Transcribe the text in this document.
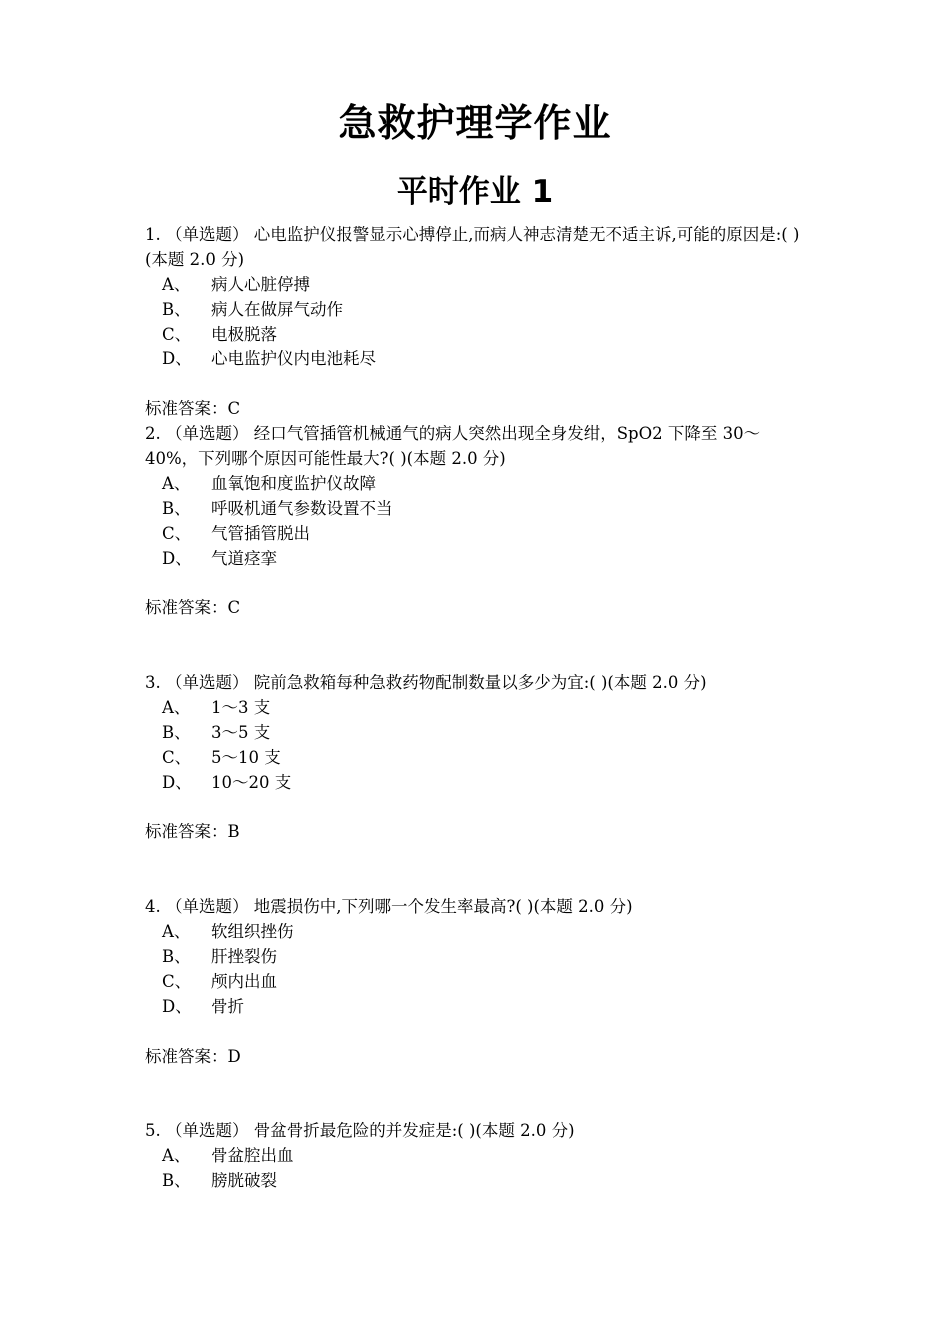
急救护理学作业
平时作业 1
1. （单选题） 心电监护仪报警显示心搏停止,而病人神志清楚无不适主诉,可能的原因是:( )(本题 2.0 分)
A、	病人心脏停搏
B、	病人在做屏气动作
C、	电极脱落
D、	心电监护仪内电池耗尽
标准答案：C
2. （单选题） 经口气管插管机械通气的病人突然出现全身发绀，SpO2 下降至 30～40%，下列哪个原因可能性最大?( )(本题 2.0 分)
A、	血氧饱和度监护仪故障
B、	呼吸机通气参数设置不当
C、	气管插管脱出
D、	气道痉挛
标准答案：C
3. （单选题） 院前急救箱每种急救药物配制数量以多少为宜:( )(本题 2.0 分)
A、	1～3 支
B、	3～5 支
C、	5～10 支
D、	10～20 支
标准答案：B
4. （单选题） 地震损伤中,下列哪一个发生率最高?( )(本题 2.0 分)
A、	软组织挫伤
B、	肝挫裂伤
C、	颅内出血
D、	骨折
标准答案：D
5. （单选题） 骨盆骨折最危险的并发症是:( )(本题 2.0 分)
A、	骨盆腔出血
B、	膀胱破裂
